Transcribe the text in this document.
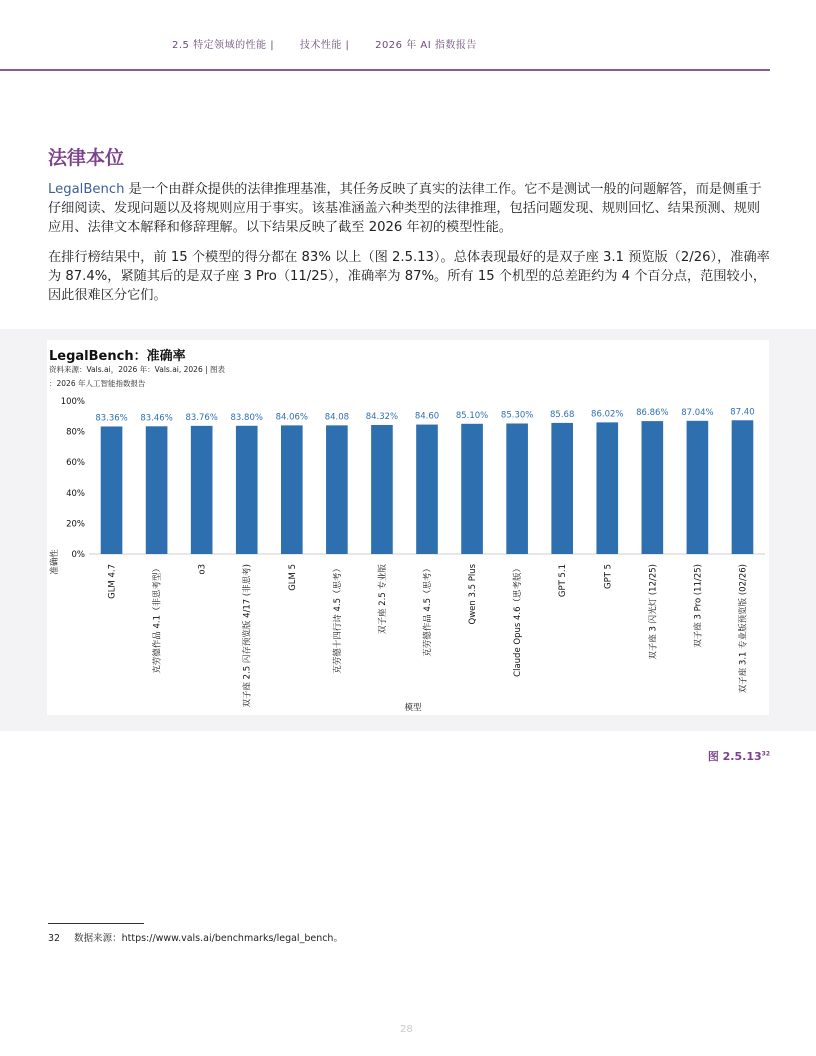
2.5 特定领域的性能 |	技术性能 |	2026 年 AI 指数报告
法律本位
LegalBench 是一个由群众提供的法律推理基准，其任务反映了真实的法律工作。它不是测试一般的问题解答，而是侧重于仔细阅读、发现问题以及将规则应用于事实。该基准涵盖六种类型的法律推理，包括问题发现、规则回忆、结果预测、规则应用、法律文本解释和修辞理解。以下结果反映了截至 2026 年初的模型性能。
在排行榜结果中，前 15 个模型的得分都在 83% 以上（图 2.5.13）。总体表现最好的是双子座 3.1 预览版（2/26），准确率为 87.4%，紧随其后的是双子座 3 Pro（11/25），准确率为 87%。所有 15 个机型的总差距约为 4 个百分点，范围较小，因此很难区分它们。
LegalBench：准确率
资料来源：Vals.ai，2026 年：Vals.ai, 2026 | 图表
：2026 年人工智能指数报告
0%
20%
40%
60%
80%
100%
83.36%
GLM 4.7
83.46%
克劳德作品 4.1（非思考型）
83.76%
o3
83.80%
双子座 2.5 闪存预览版 4/17 (非思考)
84.06%
GLM 5
84.08
克劳德十四行诗 4.5（思考）
84.32%
双子座 2.5 专业版
84.60
克劳德作品 4.5（思考）
85.10%
Qwen 3.5 Plus
85.30%
Claude Opus 4.6（思考版）
85.68
GPT 5.1
86.02%
GPT 5
86.86%
双子座 3 闪光灯 (12/25)
87.04%
双子座 3 Pro (11/25)
87.40
双子座 3.1 专业版预览版 (02/26)
准确性
模型
图 2.5.13$^{32}$
32 数据来源：https://www.vals.ai/benchmarks/legal_bench。
28
